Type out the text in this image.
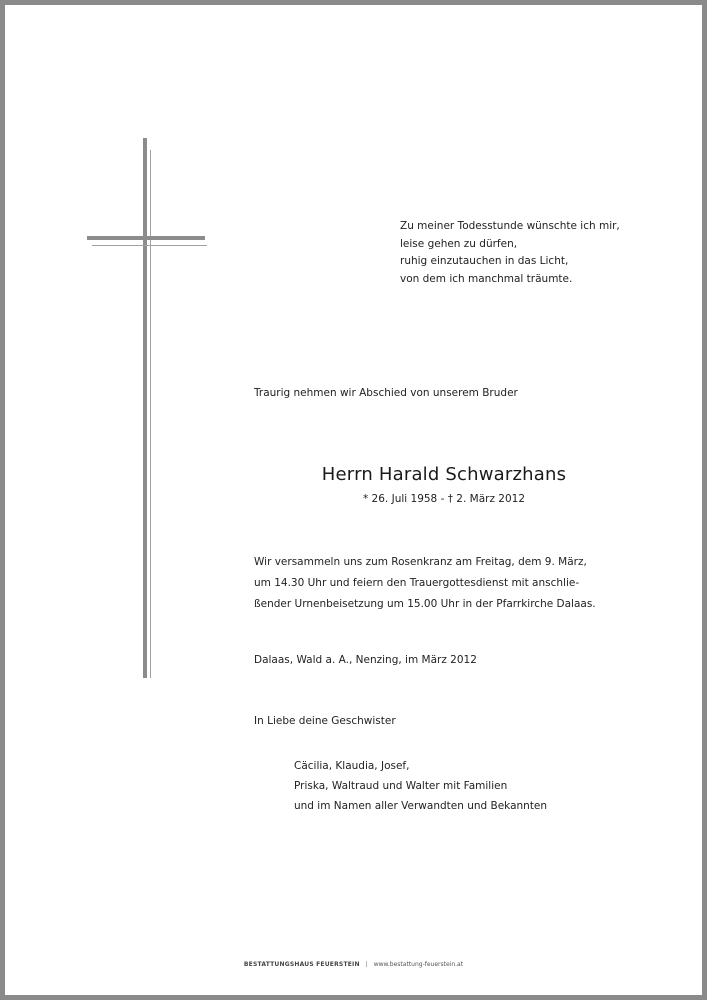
Zu meiner Todesstunde wünschte ich mir,
leise gehen zu dürfen,
ruhig einzutauchen in das Licht,
von dem ich manchmal träumte.
Traurig nehmen wir Abschied von unserem Bruder
Herrn Harald Schwarzhans
* 26. Juli 1958 - † 2. März 2012
Wir versammeln uns zum Rosenkranz am Freitag, dem 9. März,
um 14.30 Uhr und feiern den Trauergottesdienst mit anschlie-
ßender Urnenbeisetzung um 15.00 Uhr in der Pfarrkirche Dalaas.
Dalaas, Wald a. A., Nenzing, im März 2012
In Liebe deine Geschwister
Cäcilia, Klaudia, Josef,
Priska, Waltraud und Walter mit Familien
und im Namen aller Verwandten und Bekannten
BESTATTUNGSHAUS FEUERSTEIN | www.bestattung-feuerstein.at
